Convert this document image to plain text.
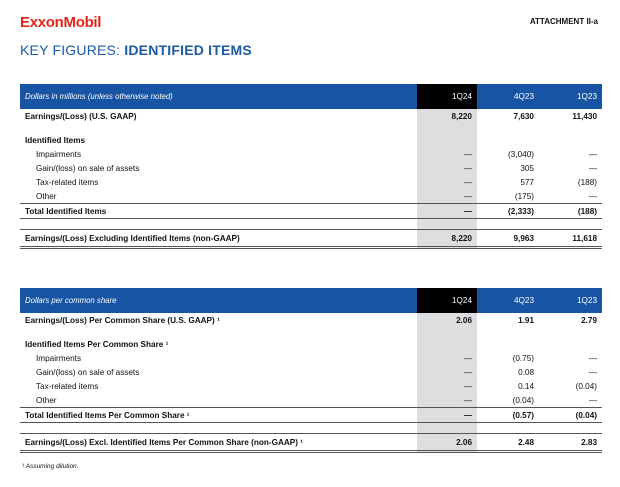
ExxonMobil	ATTACHMENT II-a
KEY FIGURES: IDENTIFIED ITEMS
Dollars in millions (unless otherwise noted)	1Q24	4Q23	1Q23
Earnings/(Loss) (U.S. GAAP)	8,220	7,630	11,430

Identified Items			
Impairments	—	(3,040)	—
Gain/(loss) on sale of assets	—	305	—
Tax-related items	—	577	(188)
Other	—	(175)	—
Total Identified Items	—	(2,333)	(188)

Earnings/(Loss) Excluding Identified Items (non-GAAP)	8,220	9,963	11,618
Dollars per common share	1Q24	4Q23	1Q23
Earnings/(Loss) Per Common Share (U.S. GAAP) ¹	2.06	1.91	2.79

Identified Items Per Common Share ¹			
Impairments	—	(0.75)	—
Gain/(loss) on sale of assets	—	0.08	—
Tax-related items	—	0.14	(0.04)
Other	—	(0.04)	—
Total Identified Items Per Common Share ¹	—	(0.57)	(0.04)

Earnings/(Loss) Excl. Identified Items Per Common Share (non-GAAP) ¹	2.06	2.48	2.83
¹ Assuming dilution.
